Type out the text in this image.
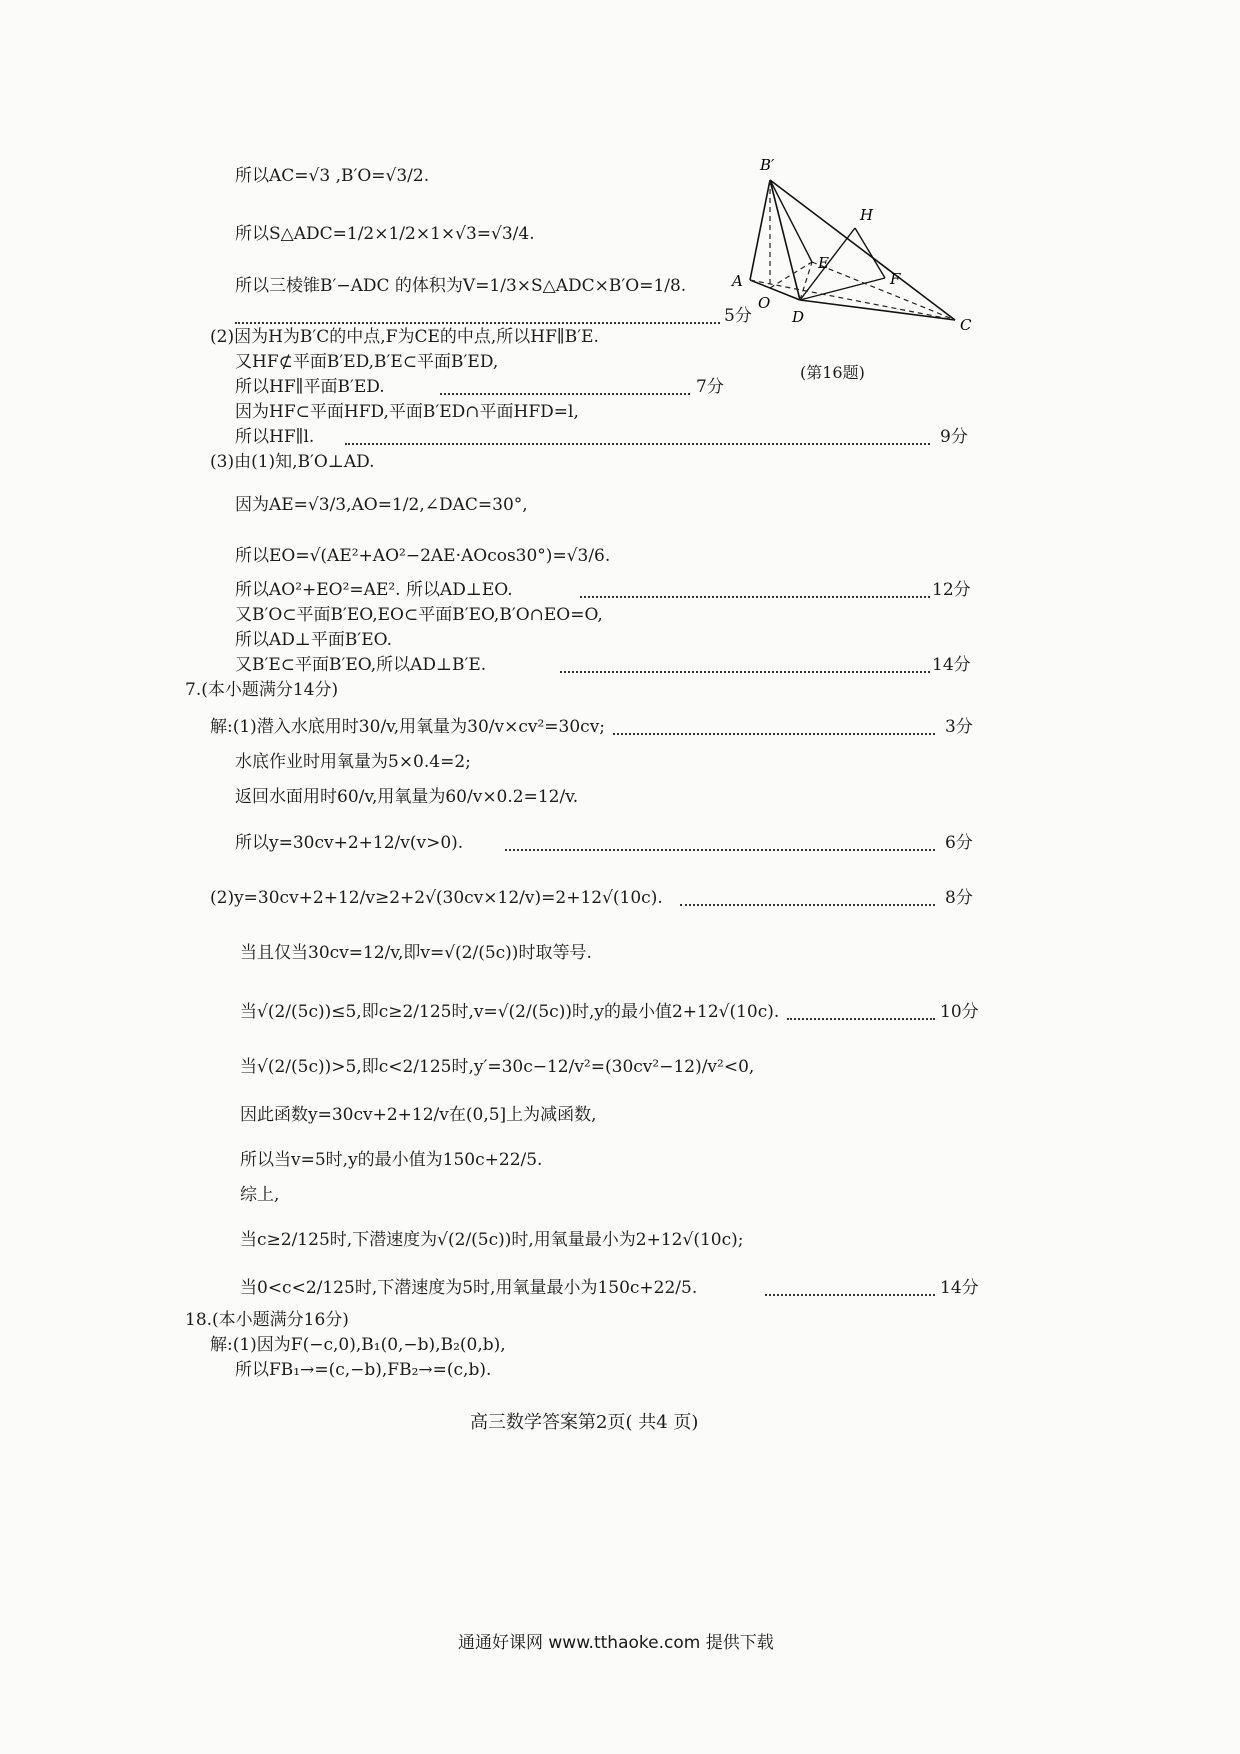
所以AC=√3 ,B′O=√3/2.
所以S△ADC=1/2×1/2×1×√3=√3/4.
所以三棱锥B′−ADC 的体积为V=1/3×S△ADC×B′O=1/8.
(2)因为H为B′C的中点,F为CE的中点,所以HF∥B′E.
又HF⊄平面B′ED,B′E⊂平面B′ED,
所以HF∥平面B′ED.
因为HF⊂平面HFD,平面B′ED∩平面HFD=l,
所以HF∥l.
(3)由(1)知,B′O⊥AD.
因为AE=√3/3,AO=1/2,∠DAC=30°,
所以EO=√(AE²+AO²−2AE·AOcos30°)=√3/6.
所以AO²+EO²=AE². 所以AD⊥EO.
又B′O⊂平面B′EO,EO⊂平面B′EO,B′O∩EO=O,
所以AD⊥平面B′EO.
又B′E⊂平面B′EO,所以AD⊥B′E.
7.(本小题满分14分)
解:(1)潜入水底用时30/v,用氧量为30/v×cv²=30cv;
水底作业时用氧量为5×0.4=2;
返回水面用时60/v,用氧量为60/v×0.2=12/v.
所以y=30cv+2+12/v(v>0).
(2)y=30cv+2+12/v≥2+2√(30cv×12/v)=2+12√(10c).
当且仅当30cv=12/v,即v=√(2/(5c))时取等号.
当√(2/(5c))≤5,即c≥2/125时,v=√(2/(5c))时,y的最小值2+12√(10c).
当√(2/(5c))>5,即c<2/125时,y′=30c−12/v²=(30cv²−12)/v²<0,
因此函数y=30cv+2+12/v在(0,5]上为减函数,
所以当v=5时,y的最小值为150c+22/5.
综上,
当c≥2/125时,下潜速度为√(2/(5c))时,用氧量最小为2+12√(10c);
当0<c<2/125时,下潜速度为5时,用氧量最小为150c+22/5.
18.(本小题满分16分)
解:(1)因为F(−c,0),B₁(0,−b),B₂(0,b),
所以FB₁→=(c,−b),FB₂→=(c,b).
5分
7分
9分
12分
14分
3分
6分
8分
10分
14分
B′
H
A
E
F
O
D	C
(第16题)
高三数学答案第2页( 共4 页)
通通好课网 www.tthaoke.com 提供下载
